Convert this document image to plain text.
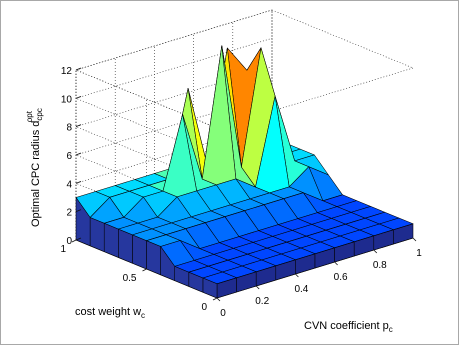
0
0.2
0.4
0.6
0.8
1
0
0.5
1
0
2
4
6
8
10
12
CVN coefficient $p_c$
cost weight $w_c$
Optimal CPC radius $d_{cpc}opt$
